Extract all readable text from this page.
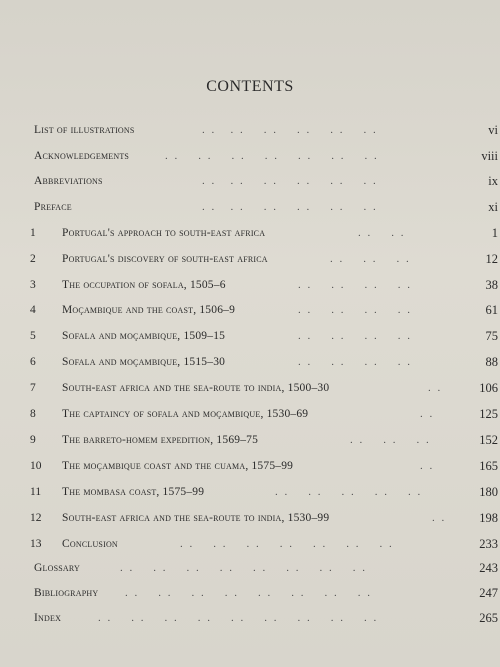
CONTENTS
List of illustrations	. .   . .    . .    . .    . .    . .	vi
Acknowledgements	. .    . .    . .    . .    . .    . .    . .	viii
Abbreviations	. .   . .    . .    . .    . .    . .	ix
Preface	. .   . .    . .    . .    . .    . .	xi
1	Portugal's approach to south-east africa	. .    . .	1
2	Portugal's discovery of south-east africa	. .    . .    . .	12
3	The occupation of sofala, 1505–6	. .    . .    . .    . .	38
4	Moçambique and the coast, 1506–9	. .    . .    . .    . .	61
5	Sofala and moçambique, 1509–15	. .    . .    . .    . .	75
6	Sofala and moçambique, 1515–30	. .    . .    . .    . .	88
7	South-east africa and the sea-route to india, 1500–30	. .	106
8	The captaincy of sofala and moçambique, 1530–69	. .	125
9	The barreto-homem expedition, 1569–75	. .    . .    . .	152
10	The moçambique coast and the cuama, 1575–99	. .	165
11	The mombasa coast, 1575–99	. .    . .    . .    . .    . .	180
12	South-east africa and the sea-route to india, 1530–99	. .	198
13	Conclusion	. .    . .    . .    . .    . .    . .    . .	233
Glossary	. .    . .    . .    . .    . .    . .    . .    . .	243
Bibliography . .    . .    . .    . .    . .    . .    . .    . .	247
Index	. .    . .    . .    . .    . .    . .    . .    . .    . .	265
